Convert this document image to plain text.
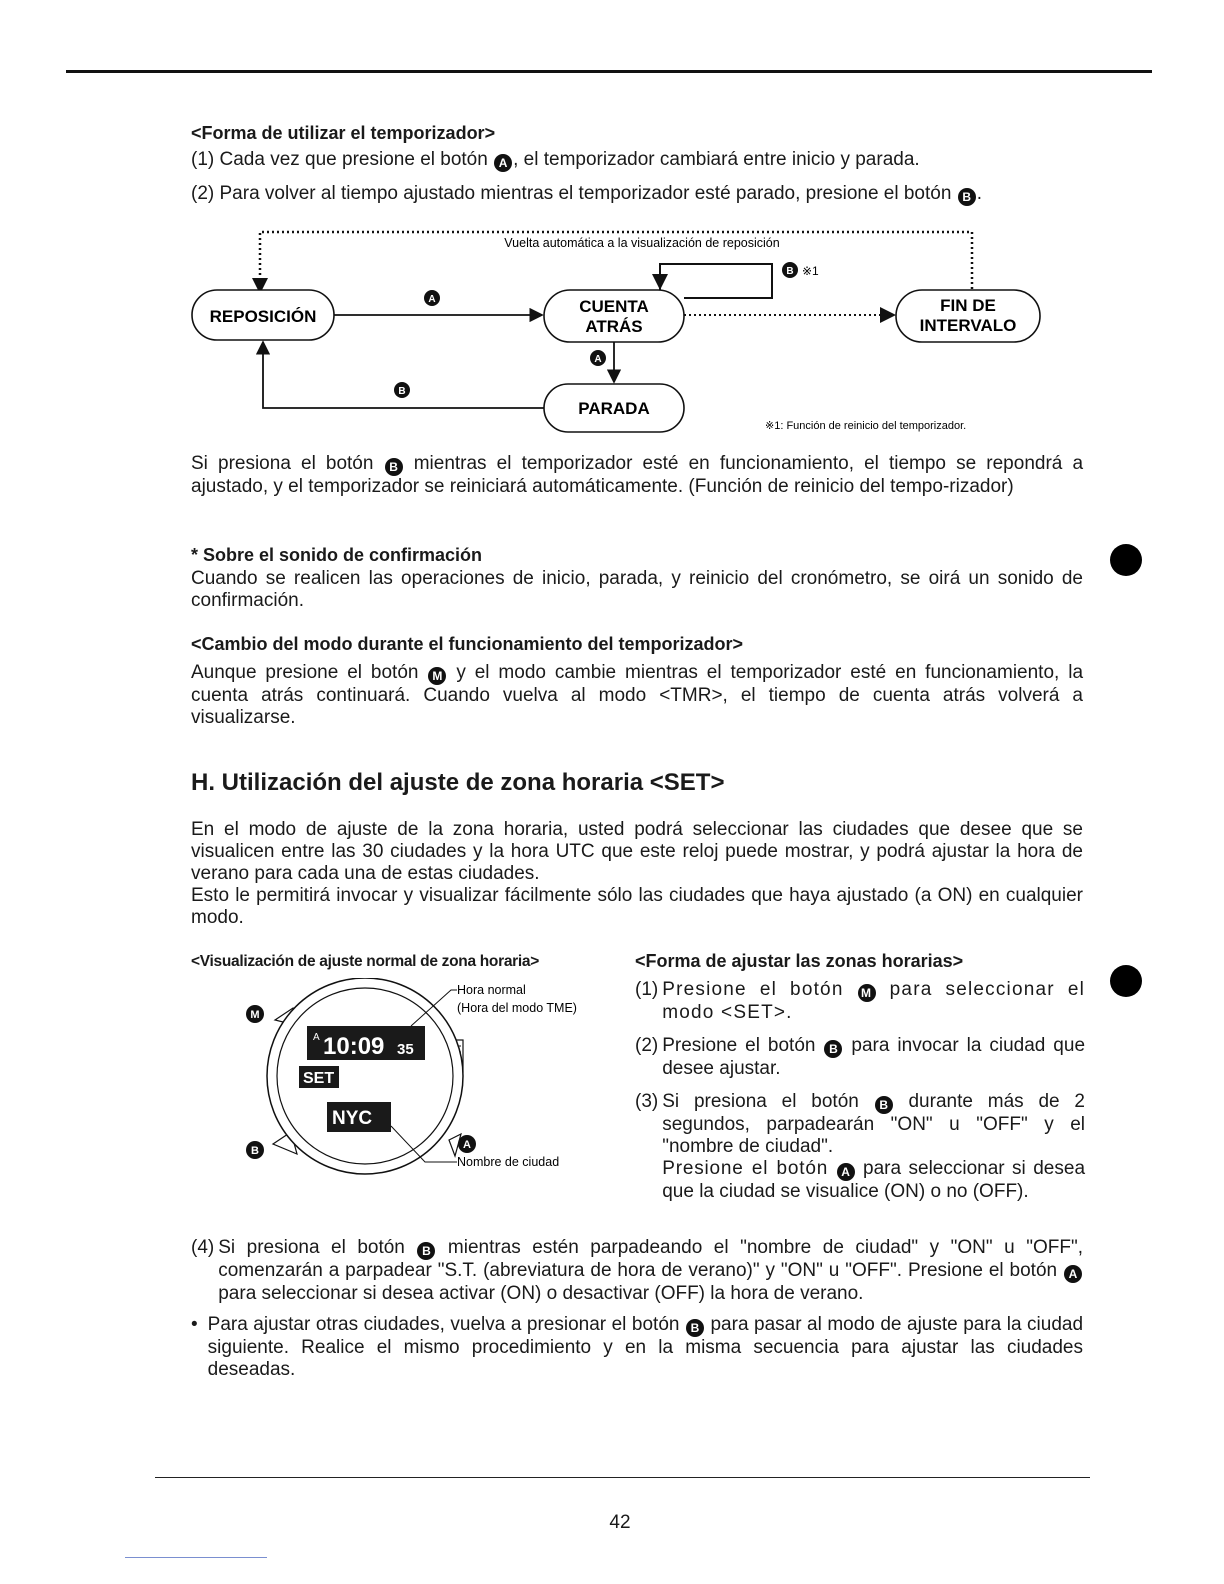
<Forma de utilizar el temporizador>
(1) Cada vez que presione el botón A , el temporizador cambiará entre inicio y parada.
(2) Para volver al tiempo ajustado mientras el temporizador esté parado, presione el botón B .
Vuelta automática a la visualización de reposición
REPOSICIÓN
CUENTA
ATRÁS
FIN DE
INTERVALO
PARADA
A
B ※1
A
B
※1: Función de reinicio del temporizador.
Si presiona el botón B mientras el temporizador esté en funcionamiento, el tiempo se repondrá a ajustado, y el temporizador se reiniciará automáticamente. (Función de reinicio del tempo-rizador)
* Sobre el sonido de confirmación
Cuando se realicen las operaciones de inicio, parada, y reinicio del cronómetro, se oirá un sonido de confirmación.
<Cambio del modo durante el funcionamiento del temporizador>
Aunque presione el botón M y el modo cambie mientras el temporizador esté en funcionamiento, la cuenta atrás continuará. Cuando vuelva al modo <TMR>, el tiempo de cuenta atrás volverá a visualizarse.
H. Utilización del ajuste de zona horaria <SET>
En el modo de ajuste de la zona horaria, usted podrá seleccionar las ciudades que desee que se visualicen entre las 30 ciudades y la hora UTC que este reloj puede mostrar, y podrá ajustar la hora de verano para cada una de estas ciudades.
Esto le permitirá invocar y visualizar fácilmente sólo las ciudades que haya ajustado (a ON) en cualquier modo.
<Visualización de ajuste normal de zona horaria>
A 10:09 35
SET
NYC
M
B	A
Hora normal
(Hora del modo TME)
Nombre de ciudad
<Forma de ajustar las zonas horarias>
(1) Presione el botón M para seleccionar el modo <SET>.
(2) Presione el botón B para invocar la ciudad que desee ajustar.
(3) Si presiona el botón B durante más de 2 segundos, parpadearán "ON" u "OFF" y el "nombre de ciudad".
Presione el botón A para seleccionar si desea que la ciudad se visualice (ON) o no (OFF).
(4) Si presiona el botón B mientras estén parpadeando el "nombre de ciudad" y "ON" u "OFF", comenzarán a parpadear "S.T. (abreviatura de hora de verano)" y "ON" u "OFF". Presione el botón A para seleccionar si desea activar (ON) o desactivar (OFF) la hora de verano.
• Para ajustar otras ciudades, vuelva a presionar el botón B para pasar al modo de ajuste para la ciudad siguiente. Realice el mismo procedimiento y en la misma secuencia para ajustar las ciudades deseadas.
42
